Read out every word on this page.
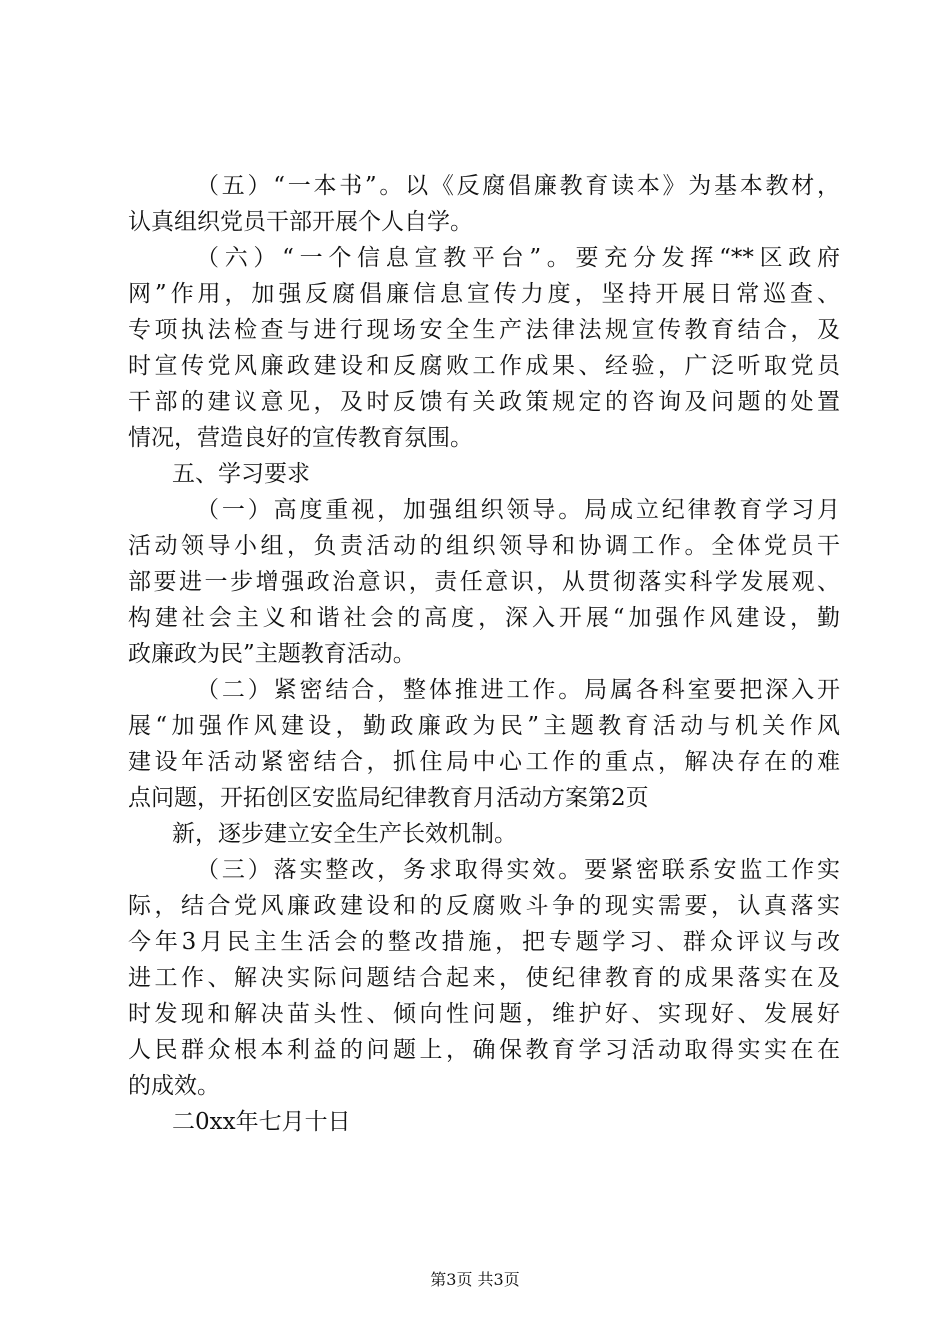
（五）“一本书”。以《反腐倡廉教育读本》为基本教材，
认真组织党员干部开展个人自学。
（六）“一个信息宣教平台”。要充分发挥“**区政府
网”作用，加强反腐倡廉信息宣传力度，坚持开展日常巡查、
专项执法检查与进行现场安全生产法律法规宣传教育结合，及
时宣传党风廉政建设和反腐败工作成果、经验，广泛听取党员
干部的建议意见，及时反馈有关政策规定的咨询及问题的处置
情况，营造良好的宣传教育氛围。
五、学习要求
（一）高度重视，加强组织领导。局成立纪律教育学习月
活动领导小组，负责活动的组织领导和协调工作。全体党员干
部要进一步增强政治意识，责任意识，从贯彻落实科学发展观、
构建社会主义和谐社会的高度，深入开展“加强作风建设，勤
政廉政为民”主题教育活动。
（二）紧密结合，整体推进工作。局属各科室要把深入开
展“加强作风建设，勤政廉政为民”主题教育活动与机关作风
建设年活动紧密结合，抓住局中心工作的重点，解决存在的难
点问题，开拓创区安监局纪律教育月活动方案第2页
新，逐步建立安全生产长效机制。
（三）落实整改，务求取得实效。要紧密联系安监工作实
际，结合党风廉政建设和的反腐败斗争的现实需要，认真落实
今年3月民主生活会的整改措施，把专题学习、群众评议与改
进工作、解决实际问题结合起来，使纪律教育的成果落实在及
时发现和解决苗头性、倾向性问题，维护好、实现好、发展好
人民群众根本利益的问题上，确保教育学习活动取得实实在在
的成效。
二0xx年七月十日
第3页 共3页
